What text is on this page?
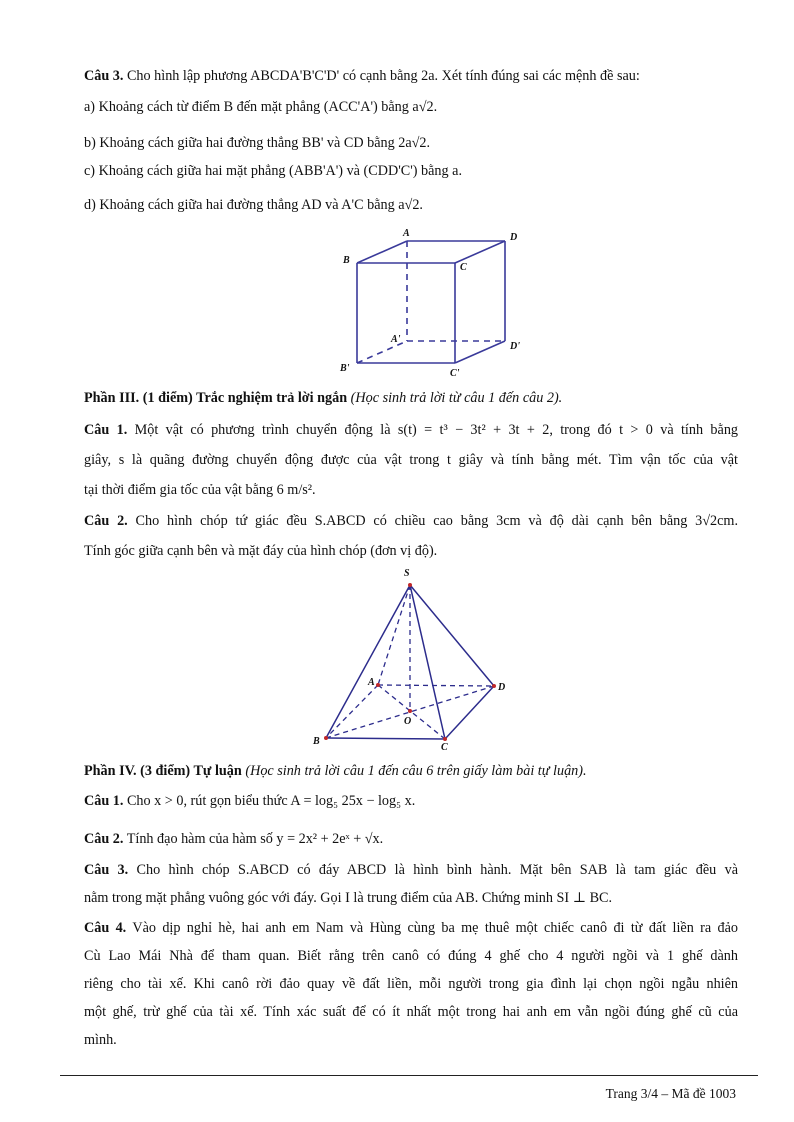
Câu 3. Cho hình lập phương ABCDA'B'C'D' có cạnh bằng 2a. Xét tính đúng sai các mệnh đề sau:

a) Khoảng cách từ điểm B đến mặt phẳng (ACC'A') bằng a√2.

b) Khoảng cách giữa hai đường thẳng BB' và CD bằng 2a√2.

c) Khoảng cách giữa hai mặt phẳng (ABB'A') và (CDD'C') bằng a.

d) Khoảng cách giữa hai đường thẳng AD và A'C bằng a√2.

A	D
B
C
A'
D'
B'	C'

Phần III. (1 điểm) Trắc nghiệm trả lời ngắn (Học sinh trả lời từ câu 1 đến câu 2).

Câu 1. Một vật có phương trình chuyển động là s(t) = t³ − 3t² + 3t + 2, trong đó t > 0 và tính bằng

giây, s là quãng đường chuyển động được của vật trong t giây và tính bằng mét. Tìm vận tốc của vật

tại thời điểm gia tốc của vật bằng 6 m/s².

Câu 2. Cho hình chóp tứ giác đều S.ABCD có chiều cao bằng 3cm và độ dài cạnh bên bằng 3√2cm.

Tính góc giữa cạnh bên và mặt đáy của hình chóp (đơn vị độ).

S
A	D
O
B
C

Phần IV. (3 điểm) Tự luận (Học sinh trả lời câu 1 đến câu 6 trên giấy làm bài tự luận).

Câu 1. Cho x > 0, rút gọn biểu thức A = log₅ 25x − log₅ x.

Câu 2. Tính đạo hàm của hàm số y = 2x² + 2eˣ + √x.

Câu 3. Cho hình chóp S.ABCD có đáy ABCD là hình bình hành. Mặt bên SAB là tam giác đều và

nằm trong mặt phẳng vuông góc với đáy. Gọi I là trung điểm của AB. Chứng minh SI ⊥ BC.

Câu 4. Vào dịp nghỉ hè, hai anh em Nam và Hùng cùng ba mẹ thuê một chiếc canô đi từ đất liền ra đảo

Cù Lao Mái Nhà để tham quan. Biết rằng trên canô có đúng 4 ghế cho 4 người ngồi và 1 ghế dành

riêng cho tài xế. Khi canô rời đảo quay về đất liền, mỗi người trong gia đình lại chọn ngồi ngẫu nhiên

một ghế, trừ ghế của tài xế. Tính xác suất để có ít nhất một trong hai anh em vẫn ngồi đúng ghế cũ của

mình.

Trang 3/4 – Mã đề 1003
